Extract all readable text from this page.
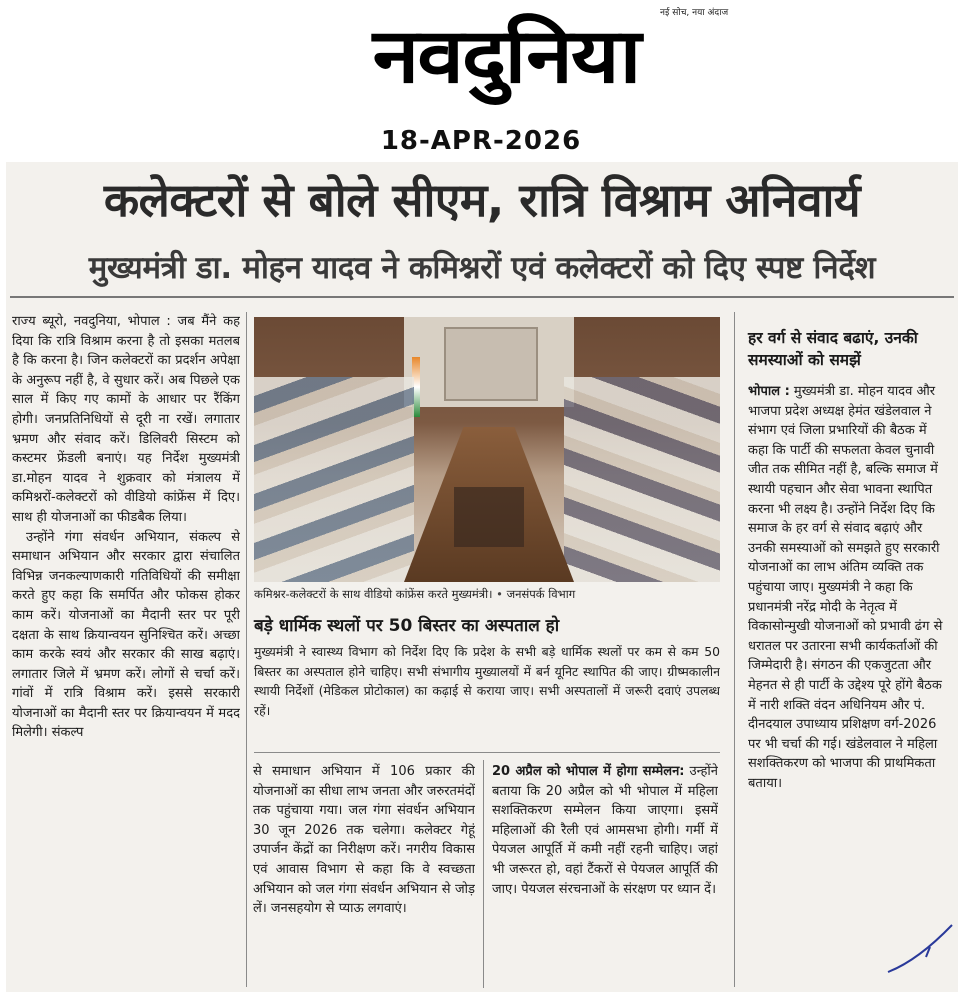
नई सोच, नया अंदाज
नवदुनिया
18-APR-2026
कलेक्टरों से बोले सीएम, रात्रि विश्राम अनिवार्य
मुख्यमंत्री डा. मोहन यादव ने कमिश्नरों एवं कलेक्टरों को दिए स्पष्ट निर्देश

राज्य ब्यूरो, नवदुनिया, भोपाल : जब मैंने कह दिया कि रात्रि विश्राम करना है तो इसका मतलब है कि करना है। जिन कलेक्टरों का प्रदर्शन अपेक्षा के अनुरूप नहीं है, वे सुधार करें। अब पिछले एक साल में किए गए कामों के आधार पर रैंकिंग होगी। जनप्रतिनिधियों से दूरी ना रखें। लगातार भ्रमण और संवाद करें। डिलिवरी सिस्टम को कस्टमर फ्रेंडली बनाएं। यह निर्देश मुख्यमंत्री डा.मोहन यादव ने शुक्रवार को मंत्रालय में कमिश्नरों-कलेक्टरों को वीडियो कांफ्रेंस में दिए। साथ ही योजनाओं का फीडबैक लिया।

उन्होंने गंगा संवर्धन अभियान, संकल्प से समाधान अभियान और सरकार द्वारा संचालित विभिन्न जनकल्याणकारी गतिविधियों की समीक्षा करते हुए कहा कि समर्पित और फोकस होकर काम करें। योजनाओं का मैदानी स्तर पर पूरी दक्षता के साथ क्रियान्वयन सुनिश्चित करें। अच्छा काम करके स्वयं और सरकार की साख बढ़ाएं। लगातार जिले में भ्रमण करें। लोगों से चर्चा करें। गांवों में रात्रि विश्राम करें। इससे सरकारी योजनाओं का मैदानी स्तर पर क्रियान्वयन में मदद मिलेगी। संकल्प

कमिश्नर-कलेक्टरों के साथ वीडियो कांफ्रेंस करते मुख्यमंत्री। • जनसंपर्क विभाग
बड़े धार्मिक स्थलों पर 50 बिस्तर का अस्पताल हो
मुख्यमंत्री ने स्वास्थ्य विभाग को निर्देश दिए कि प्रदेश के सभी बड़े धार्मिक स्थलों पर कम से कम 50 बिस्तर का अस्पताल होने चाहिए। सभी संभागीय मुख्यालयों में बर्न यूनिट स्थापित की जाए। ग्रीष्मकालीन स्थायी निर्देशों (मेडिकल प्रोटोकाल) का कढ़ाई से कराया जाए। सभी अस्पतालों में जरूरी दवाएं उपलब्ध रहें।

से समाधान अभियान में 106 प्रकार की योजनाओं का सीधा लाभ जनता और जरुरतमंदों तक पहुंचाया गया। जल गंगा संवर्धन अभियान 30 जून 2026 तक चलेगा। कलेक्टर गेहूं उपार्जन केंद्रों का निरीक्षण करें। नगरीय विकास एवं आवास विभाग से कहा कि वे स्वच्छता अभियान को जल गंगा संवर्धन अभियान से जोड़ लें। जनसहयोग से प्याऊ लगवाएं।

20 अप्रैल को भोपाल में होगा सम्मेलन: उन्होंने बताया कि 20 अप्रैल को भी भोपाल में महिला सशक्तिकरण सम्मेलन किया जाएगा। इसमें महिलाओं की रैली एवं आमसभा होगी। गर्मी में पेयजल आपूर्ति में कमी नहीं रहनी चाहिए। जहां भी जरूरत हो, वहां टैंकरों से पेयजल आपूर्ति की जाए। पेयजल संरचनाओं के संरक्षण पर ध्यान दें।

हर वर्ग से संवाद बढाएं, उनकी समस्याओं को समझें

भोपाल : मुख्यमंत्री डा. मोहन यादव और भाजपा प्रदेश अध्यक्ष हेमंत खंडेलवाल ने संभाग एवं जिला प्रभारियों की बैठक में कहा कि पार्टी की सफलता केवल चुनावी जीत तक सीमित नहीं है, बल्कि समाज में स्थायी पहचान और सेवा भावना स्थापित करना भी लक्ष्य है। उन्होंने निर्देश दिए कि समाज के हर वर्ग से संवाद बढ़ाएं और उनकी समस्याओं को समझते हुए सरकारी योजनाओं का लाभ अंतिम व्यक्ति तक पहुंचाया जाए। मुख्यमंत्री ने कहा कि प्रधानमंत्री नरेंद्र मोदी के नेतृत्व में विकासोन्मुखी योजनाओं को प्रभावी ढंग से धरातल पर उतारना सभी कार्यकर्ताओं की जिम्मेदारी है। संगठन की एकजुटता और मेहनत से ही पार्टी के उद्देश्य पूरे होंगे बैठक में नारी शक्ति वंदन अधिनियम और पं. दीनदयाल उपाध्याय प्रशिक्षण वर्ग-2026 पर भी चर्चा की गई। खंडेलवाल ने महिला सशक्तिकरण को भाजपा की प्राथमिकता बताया।
